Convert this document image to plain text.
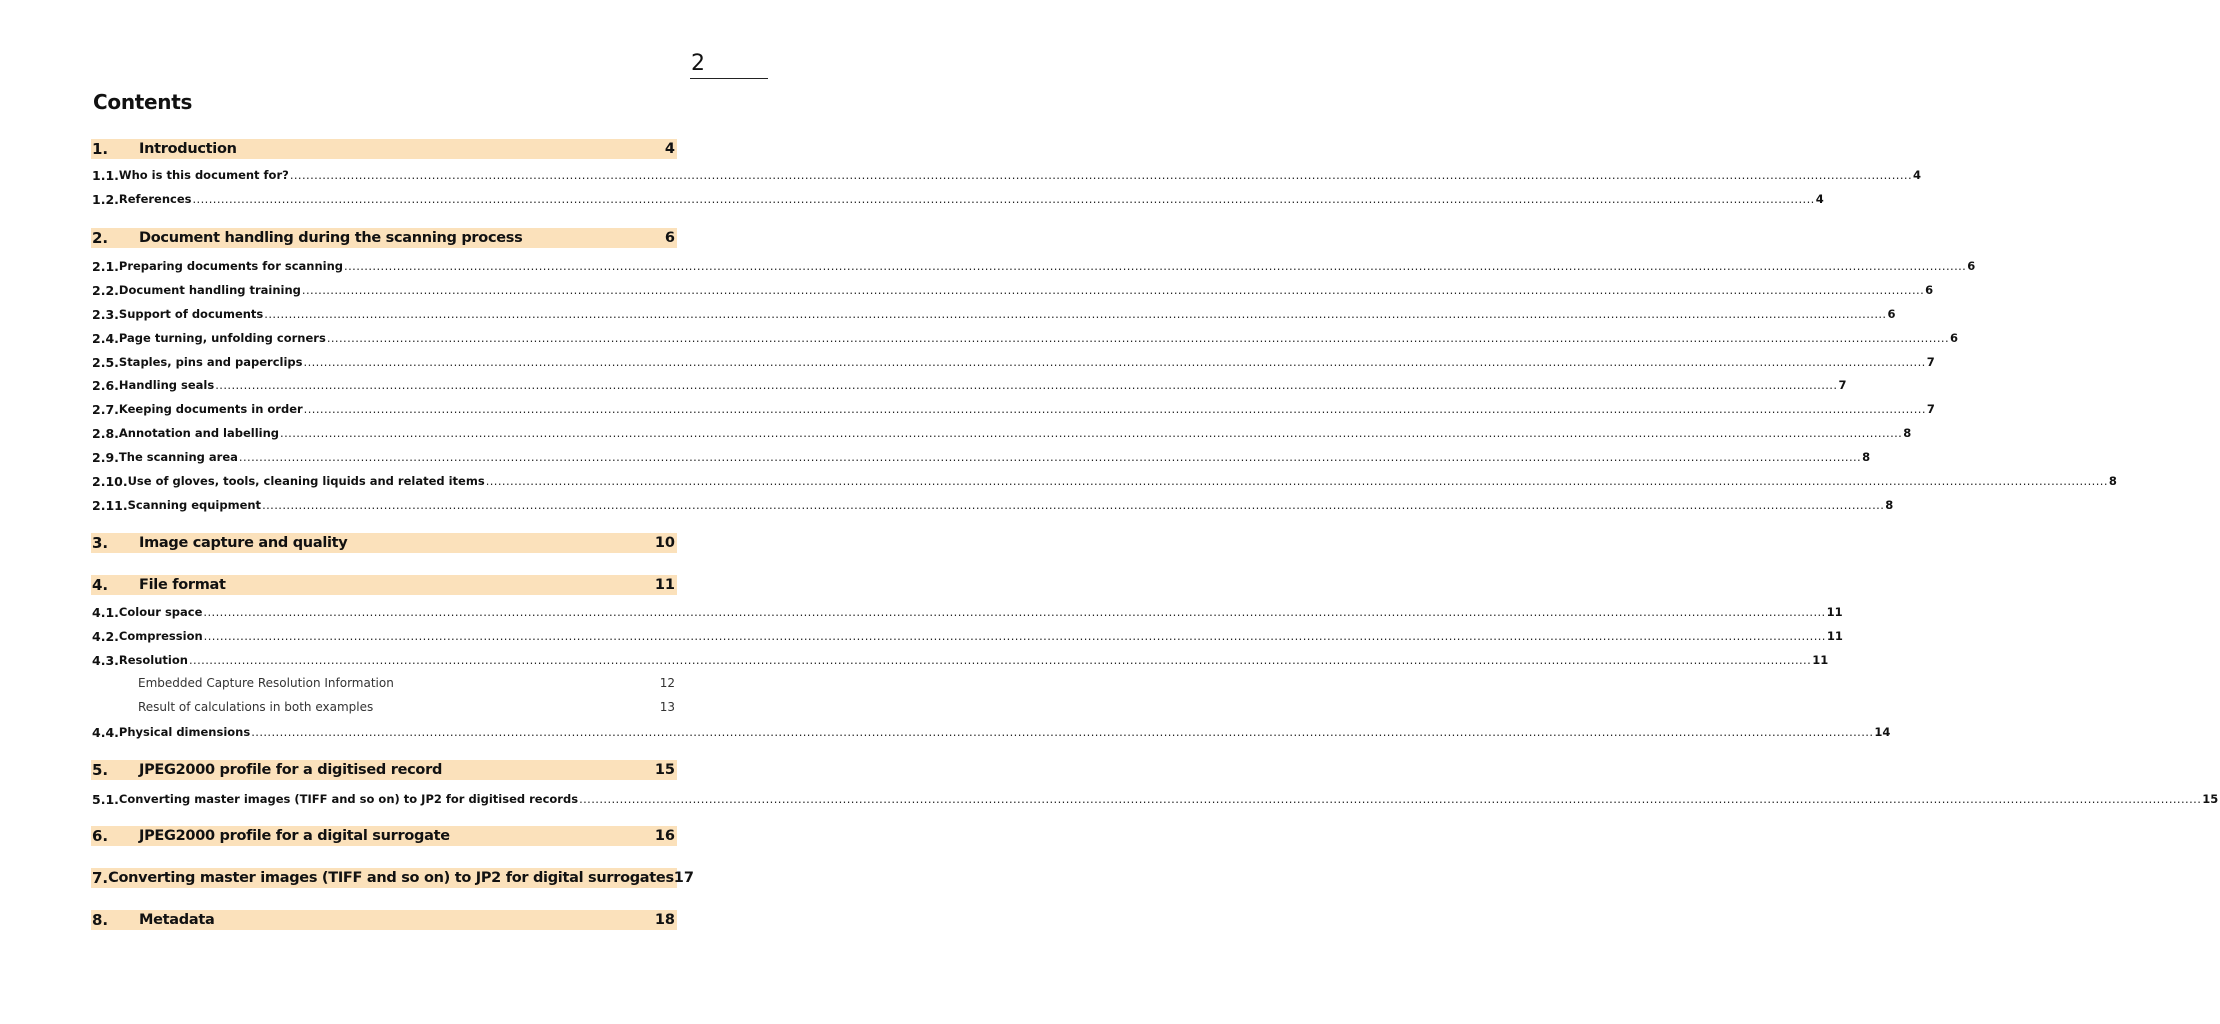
2
Contents
1.	Introduction	4
1.1. Who is this document for? ................................................................................................................................................................................................................................................................................................................................................................................................................ 4
1.2. References ................................................................................................................................................................................................................................................................................................................................................................................................................ 4
2.	Document handling during the scanning process	6
2.1. Preparing documents for scanning ................................................................................................................................................................................................................................................................................................................................................................................................................ 6
2.2. Document handling training ................................................................................................................................................................................................................................................................................................................................................................................................................ 6
2.3. Support of documents ................................................................................................................................................................................................................................................................................................................................................................................................................ 6
2.4. Page turning, unfolding corners ................................................................................................................................................................................................................................................................................................................................................................................................................ 6
2.5. Staples, pins and paperclips ................................................................................................................................................................................................................................................................................................................................................................................................................ 7
2.6. Handling seals ................................................................................................................................................................................................................................................................................................................................................................................................................ 7
2.7. Keeping documents in order ................................................................................................................................................................................................................................................................................................................................................................................................................ 7
2.8. Annotation and labelling ................................................................................................................................................................................................................................................................................................................................................................................................................ 8
2.9. The scanning area ................................................................................................................................................................................................................................................................................................................................................................................................................ 8
2.10. Use of gloves, tools, cleaning liquids and related items ................................................................................................................................................................................................................................................................................................................................................................................................................ 8
2.11. Scanning equipment ................................................................................................................................................................................................................................................................................................................................................................................................................ 8
3.	Image capture and quality	10
4.	File format	11
4.1. Colour space ................................................................................................................................................................................................................................................................................................................................................................................................................ 11
4.2. Compression ................................................................................................................................................................................................................................................................................................................................................................................................................ 11
4.3. Resolution ................................................................................................................................................................................................................................................................................................................................................................................................................ 11
Embedded Capture Resolution Information	12
Result of calculations in both examples	13
4.4. Physical dimensions ................................................................................................................................................................................................................................................................................................................................................................................................................ 14
5.	JPEG2000 profile for a digitised record	15
5.1. Converting master images (TIFF and so on) to JP2 for digitised records ................................................................................................................................................................................................................................................................................................................................................................................................................ 15
6.	JPEG2000 profile for a digital surrogate	16
7. Converting master images (TIFF and so on) to JP2 for digital surrogates 17
8.	Metadata	18
